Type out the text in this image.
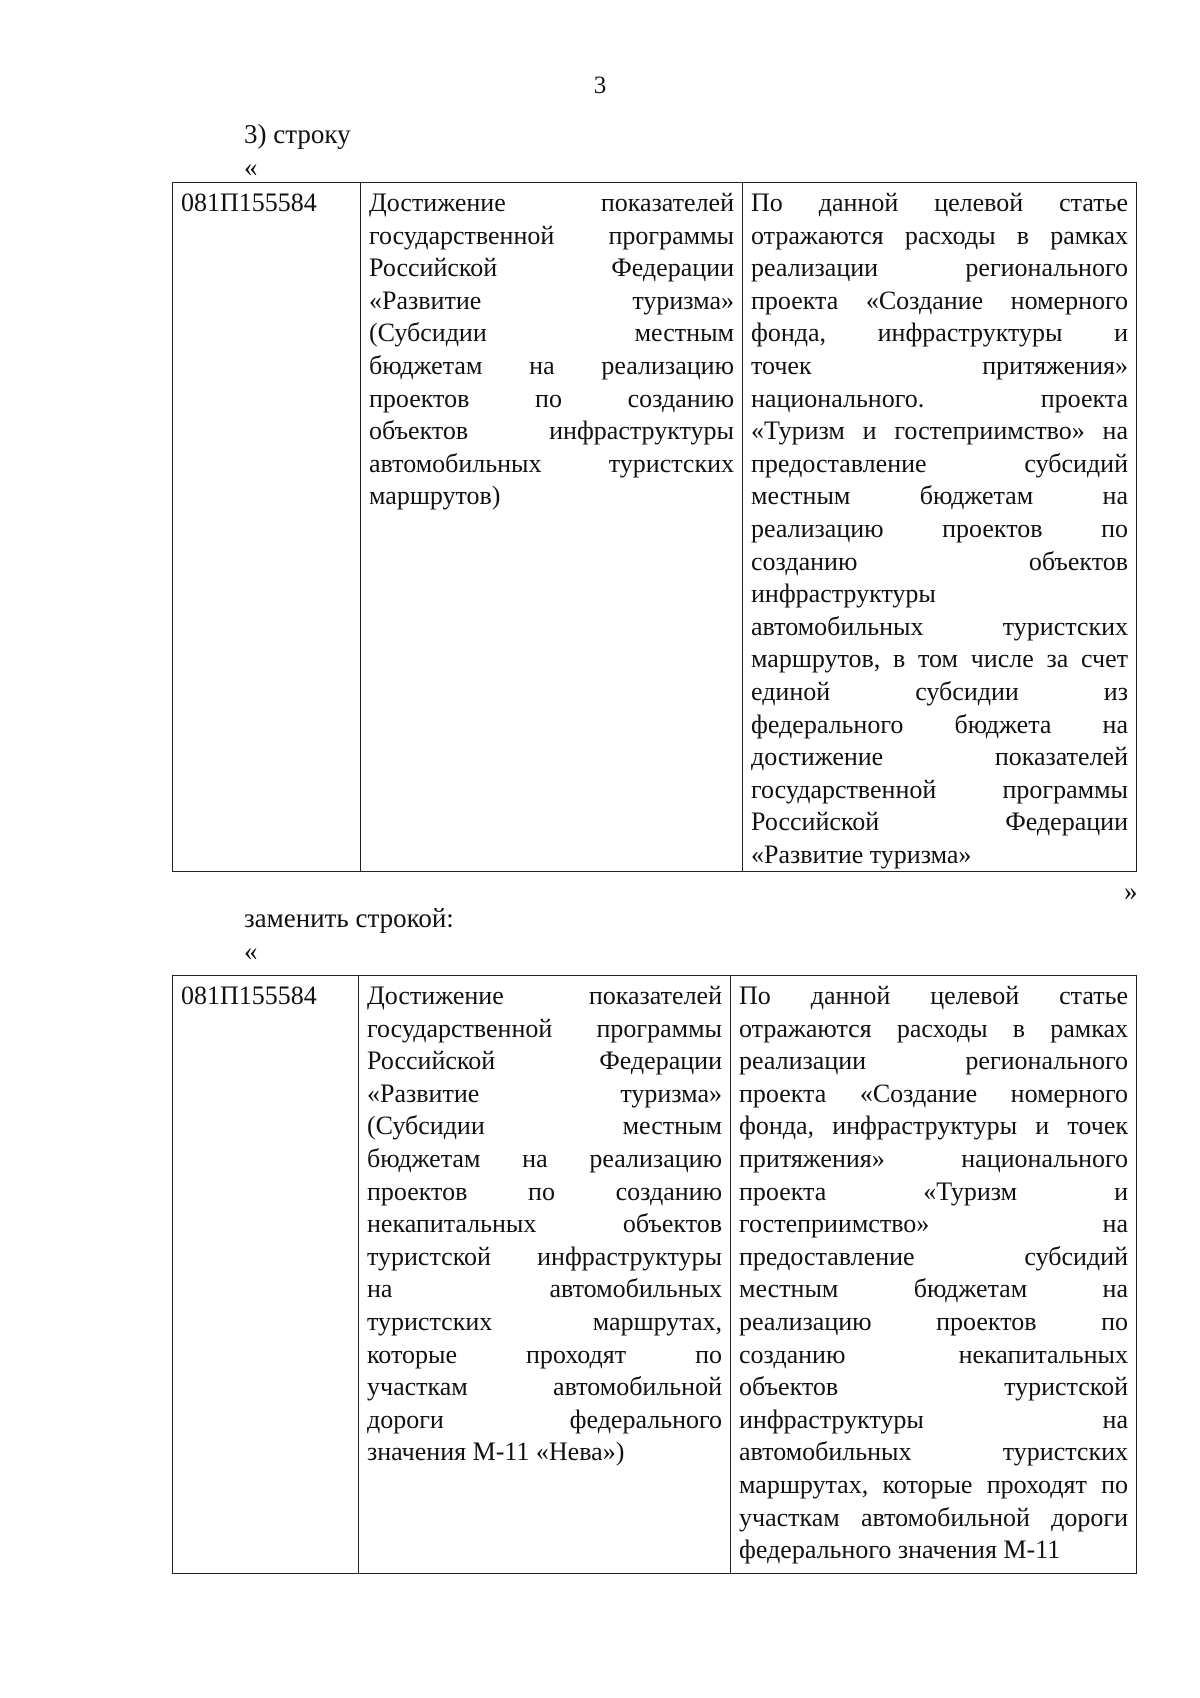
3
3) строку
«
081П155584	Достижение показателей
государственной программы
Российской Федерации
«Развитие туризма»
(Субсидии местным
бюджетам на реализацию
проектов по созданию
объектов инфраструктуры
автомобильных туристских
маршрутов)

По данной целевой статье
отражаются расходы в рамках
реализации регионального
проекта «Создание номерного
фонда, инфраструктуры и
точек притяжения»
национального. проекта
«Туризм и гостеприимство» на
предоставление субсидий
местным бюджетам на
реализацию проектов по
созданию объектов
инфраструктуры
автомобильных туристских
маршрутов, в том числе за счет
единой субсидии из
федерального бюджета на
достижение показателей
государственной программы
Российской Федерации
«Развитие туризма»
»
заменить строкой:
«
081П155584	Достижение показателей
государственной программы
Российской Федерации
«Развитие туризма»
(Субсидии местным
бюджетам на реализацию
проектов по созданию
некапитальных объектов
туристской инфраструктуры
на автомобильных
туристских маршрутах,
которые проходят по
участкам автомобильной
дороги федерального
значения М-11 «Нева»)

По данной целевой статье
отражаются расходы в рамках
реализации регионального
проекта «Создание номерного
фонда, инфраструктуры и точек
притяжения» национального
проекта «Туризм и
гостеприимство» на
предоставление субсидий
местным бюджетам на
реализацию проектов по
созданию некапитальных
объектов туристской
инфраструктуры на
автомобильных туристских
маршрутах, которые проходят по
участкам автомобильной дороги
федерального значения М-11
